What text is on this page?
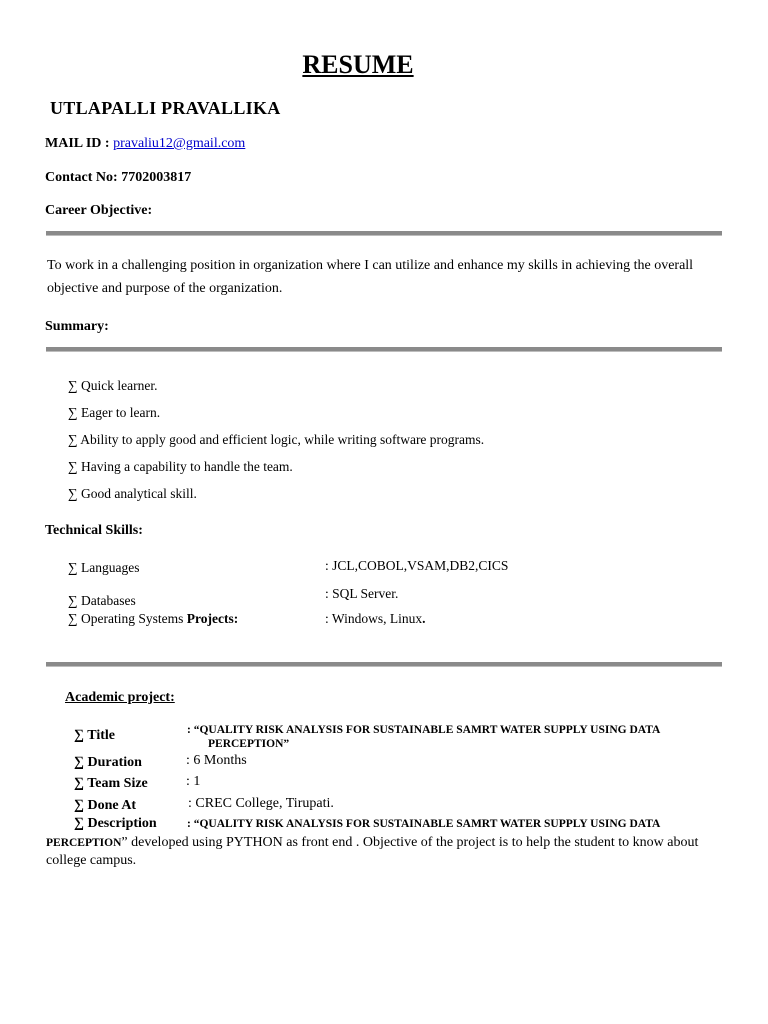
RESUME
UTLAPALLI PRAVALLIKA
MAIL ID : pravaliu12@gmail.com
Contact No: 7702003817
Career Objective:
To work in a challenging position in organization where I can utilize and enhance my skills in achieving the overall objective and purpose of the organization.
Summary:
∑ Quick learner.
∑ Eager to learn.
∑ Ability to apply good and efficient logic, while writing software programs.
∑ Having a capability to handle the team.
∑ Good analytical skill.
Technical Skills:
∑ Languages	: JCL,COBOL,VSAM,DB2,CICS
∑ Databases	: SQL Server.
∑ Operating Systems Projects:	: Windows, Linux.
Academic project:
∑ Title	: “QUALITY RISK ANALYSIS FOR SUSTAINABLE SAMRT WATER SUPPLY USING DATA
PERCEPTION”
∑ Duration	: 6 Months
∑ Team Size	: 1
∑ Done At	: CREC College, Tirupati.
∑ Description	: “QUALITY RISK ANALYSIS FOR SUSTAINABLE SAMRT WATER SUPPLY USING DATA
PERCEPTION” developed using PYTHON as front end . Objective of the project is to help the student to know about college campus.
